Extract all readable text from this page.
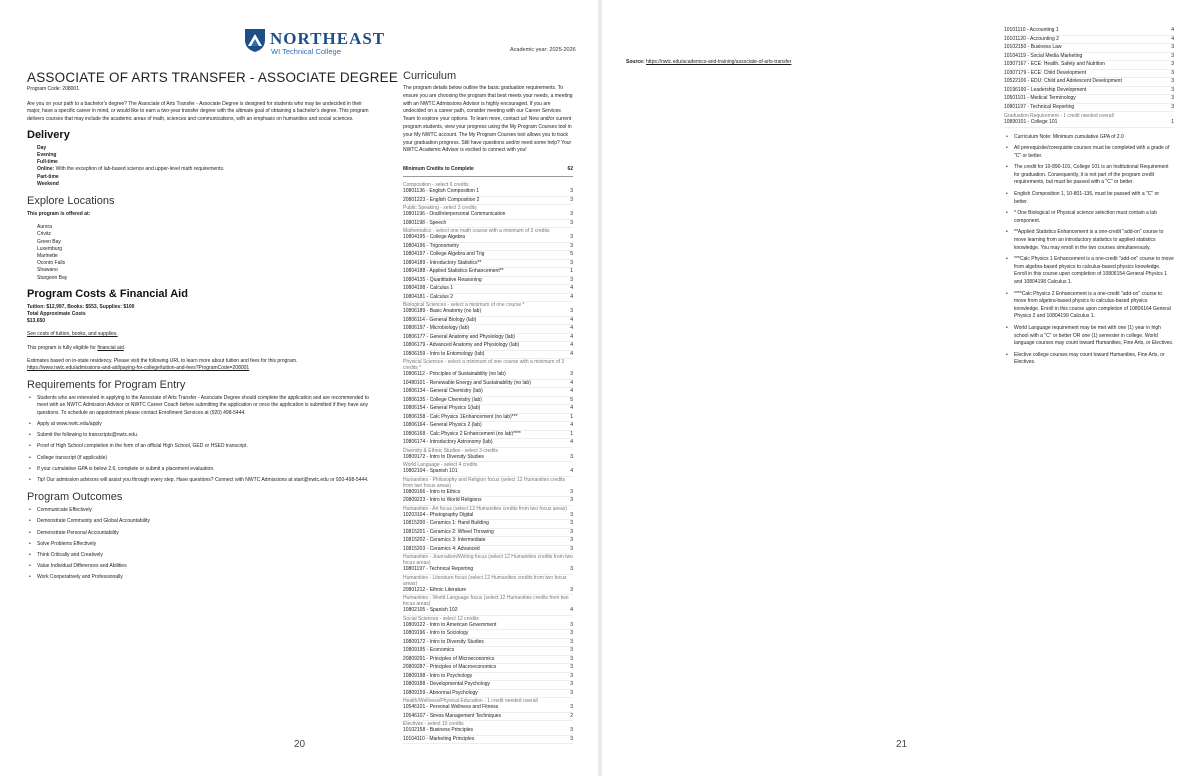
NORTHEAST
WI Technical College	Academic year: 2025-2026
ASSOCIATE OF ARTS TRANSFER - ASSOCIATE DEGREE
Program Code: 208001
Are you on your path to a bachelor's degree? The Associate of Arts Transfer - Associate Degree is designed for students who may be undecided in their major, have a specific career in mind, or would like to earn a two-year transfer degree with the ultimate goal of obtaining a bachelor's degree. This program delivers courses that may include the academic areas of math, sciences and communications, with an emphasis on humanities and social sciences.
Delivery
Day
Evening
Full-time
Online: With the exception of lab-based science and upper-level math requirements.
Part-time
Weekend
Explore Locations
This program is offered at:
Aurora
Crivitz
Green Bay
Luxemburg
Marinette
Oconto Falls
Shawano
Sturgeon Bay
Program Costs & Financial Aid
Tuition: $12,997, Books: $553, Supplies: $100
Total Approximate Costs
$13,650
See costs of tuition, books, and supplies.
This program is fully eligible for financial aid.
Estimates based on in-state residency. Please visit the following URL to learn more about tuition and fees for this program.
https://www.nwtc.edu/admissions-and-aid/paying-for-college/tuition-and-fees?ProgramCode=208001
Requirements for Program Entry
• Students who are interested in applying to the Associate of Arts Transfer - Associate Degree should complete the application and are recommended to meet with an NWTC Admission Advisor or NWTC Career Coach before submitting the application or once the application is submitted if they have any questions. To schedule an appointment please contact Enrollment Services at (920) 498-5444.
• Apply at www.nwtc.edu/apply
• Submit the following to transcripts@nwtc.edu.
• Proof of High School completion in the form of an official High School, GED or HSED transcript.
• College transcript (if applicable)
• If your cumulative GPA is below 2.6, complete or submit a placement evaluation.
• Tip! Our admission advisors will assist you through every step. Have questions? Connect with NWTC Admissions at start@nwtc.edu or 920-498-5444.
Program Outcomes
• Communicate Effectively
• Demonstrate Community and Global Accountability
• Demonstrate Personal Accountability
• Solve Problems Effectively
• Think Critically and Creatively
• Value Individual Differences and Abilities
• Work Cooperatively and Professionally
Curriculum
The program details below outline the basic graduation requirements. To ensure you are choosing the program that best meets your needs, a meeting with an NWTC Admissions Advisor is highly encouraged. If you are undecided on a career path, consider meeting with our Career Services Team to explore your options. To learn more, contact us! New and/or current program students, view your progress using the My Program Courses tool in your My NWTC account. The My Program Courses tool allows you to track your graduation progress. Still have questions and/or need some help? Your NWTC Academic Advisor is excited to connect with you!
Minimum Credits to Complete	62
Composition - select 6 credits
10801136 - English Composition 1	3
20801223 - English Composition 2	3
Public Speaking - select 3 credits
10801196 - Oral/Interpersonal Communication	3
10801198 - Speech	3
Mathematics - select one math course with a minimum of 3 credits
10804195 - College Algebra	3
10804196 - Trigonometry	3
10804197 - College Algebra and Trig	5
10804189 - Introductory Statistics**	3
10804188 - Applied Statistics Enhancement**	1
10804135 - Quantitative Reasoning	3
10804198 - Calculus 1	4
10804181 - Calculus 2	4
Biological Sciences - select a minimum of one course *
10806189 - Basic Anatomy (no lab)	3
10806114 - General Biology (lab)	4
10806197 - Microbiology (lab)	4
10806177 - General Anatomy and Physiology (lab)	4
10806179 - Advanced Anatomy and Physiology (lab)	4
10806159 - Intro to Entomology (lab)	4
Physical Sciences - select a minimum of one course with a minimum of 3 credits *
10806112 - Principles of Sustainability (no lab)	3
10480101 - Renewable Energy and Sustainability (no lab)	4
10806134 - General Chemistry (lab)	4
10806135 - College Chemistry (lab)	5
10806154 - General Physics 1(lab)	4
10806158 - Calc Physics 1Enhancement (no lab)***	1
10806164 - General Physics 2 (lab)	4
10806168 - Calc Physics 2 Enhancement (no lab)****	1
10806174 - Introductory Astronomy (lab)	4
Diversity & Ethnic Studies - select 3 credits
10809172 - Intro to Diversity Studies	3
World Language - select 4 credits
10802104 - Spanish 101	4
Humanities - Philosophy and Religion focus (select 12 Humanities credits from two focus areas)
10809166 - Intro to Ethics	3
20809223 - Intro to World Religions	3
Humanities - Art focus (select 12 Humanities credits from two focus areas)
10203104 - Photography Digital	3
10815200 - Ceramics 1: Hand Building	3
10815201 - Ceramics 2: Wheel Throwing	3
10815202 - Ceramics 3: Intermediate	3
10815203 - Ceramics 4: Advanced	3
Humanities - Journalism/Writing focus (select 12 Humanities credits from two focus areas)
10801197 - Technical Reporting	3
Humanities - Literature focus (select 12 Humanities credits from two focus areas)
20801212 - Ethnic Literature	3
Humanities - World Language focus (select 12 Humanities credits from two focus areas)
10802105 - Spanish 102	4
Social Sciences - select 12 credits
10809122 - Intro to American Government	3
10809196 - Intro to Sociology	3
10809172 - Intro to Diversity Studies	3
10809195 - Economics	3
20809291 - Principles of Microeconomics	3
20809287 - Principles of Macroeconomics	3
10809198 - Intro to Psychology	3
10809188 - Developmental Psychology	3
10809159 - Abnormal Psychology	3
Health/Wellness/Physical Education - 1 credit needed overall
10546101 - Personal Wellness and Fitness	3
10546107 - Stress Management Techniques	2
Electives - select 10 credits
10102158 - Business Principles	3
10104110 - Marketing Principles	3
20
Source: https://nwtc.edu/academics-and-training/associate-of-arts-transfer
10101110 - Accounting 1	4
10101120 - Accounting 2	4
10102150 - Business Law	3
10104119 - Social Media Marketing	3
10307167 - ECE: Health, Safety and Nutrition	3
10307179 - ECE: Child Development	3
10522106 - EDU: Child and Adolescent Development	3
10196190 - Leadership Development	3
10501101 - Medical Terminology	3
10801197 - Technical Reporting	3
Graduation Requirement - 1 credit needed overall
10890101 - College 101	1
• Curriculum Note: Minimum cumulative GPA of 2.0
• All prerequisite/corequisite courses must be completed with a grade of "C" or better.
• The credit for 10-890-101, College 101 is an Institutional Requirement for graduation. Consequently, it is not part of the program credit requirements, but must be passed with a "C" or better.
• English Composition 1, 10-801-136, must be passed with a "C" or better.
• * One Biological or Physical science selection must contain a lab component.
• **Applied Statistics Enhancement is a one-credit "add-on" course to move learning from an introductory statistics to applied statistics knowledge. You may enroll in the two courses simultaneously.
• ***Calc Physics 1 Enhancement is a one-credit "add-on" course to move from algebra-based physics to calculus-based physics knowledge. Enroll in this course upon completion of 10806154 General Physics 1 and 10804198 Calculus 1.
• ****Calc Physics 2 Enhancement is a one-credit "add-on" course to move from algebra-based physics to calculus-based physics knowledge. Enroll in this course upon completion of 10806164 General Physics 2 and 10804199 Calculus 1.
• World Language requirement may be met with one (1) year in high school with a "C" or better OR one (1) semester in college. World language courses may count toward Humanities, Fine Arts, or Electives.
• Elective college courses may count toward Humanities, Fine Arts, or Electives.
21
